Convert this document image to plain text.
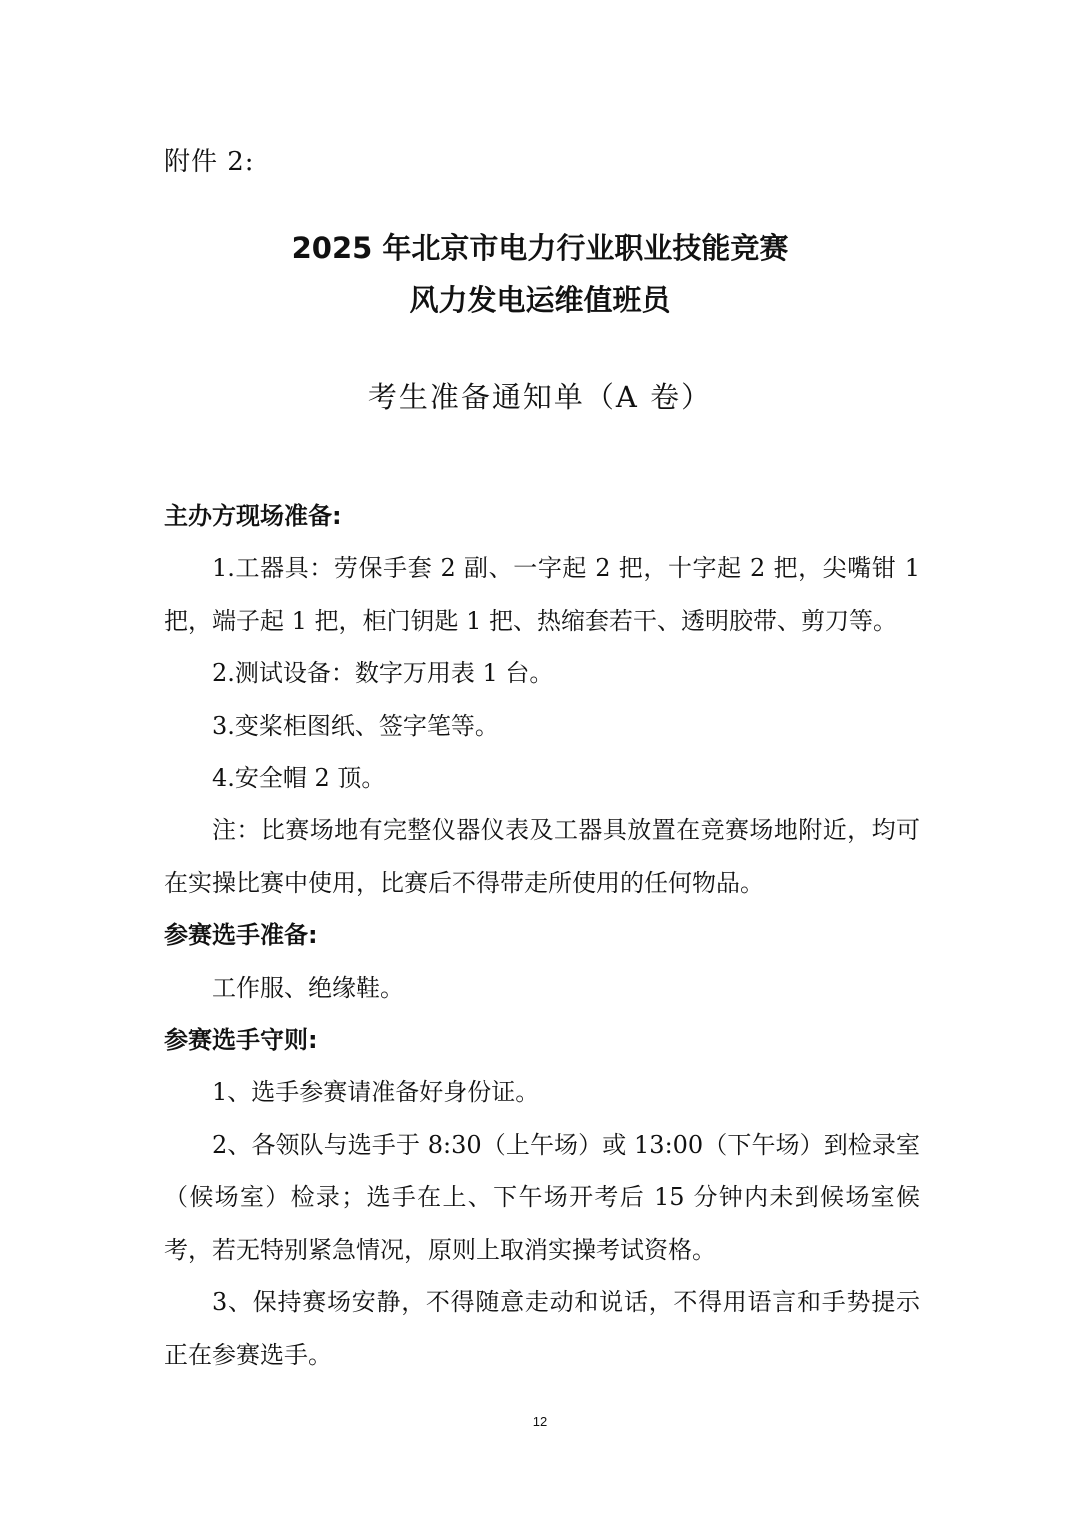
附件 2:
2025 年北京市电力行业职业技能竞赛
风力发电运维值班员
考生准备通知单（A 卷）

主办方现场准备:

1.工器具：劳保手套 2 副、一字起 2 把，十字起 2 把，尖嘴钳 1 把，端子起 1 把，柜门钥匙 1 把、热缩套若干、透明胶带、剪刀等。

2.测试设备：数字万用表 1 台。

3.变桨柜图纸、签字笔等。

4.安全帽 2 顶。

注：比赛场地有完整仪器仪表及工器具放置在竞赛场地附近，均可在实操比赛中使用，比赛后不得带走所使用的任何物品。

参赛选手准备:

工作服、绝缘鞋。

参赛选手守则:

1、选手参赛请准备好身份证。

2、各领队与选手于 8:30（上午场）或 13:00（下午场）到检录室（候场室）检录；选手在上、下午场开考后 15 分钟内未到候场室候考，若无特别紧急情况，原则上取消实操考试资格。

3、保持赛场安静，不得随意走动和说话，不得用语言和手势提示正在参赛选手。

12
